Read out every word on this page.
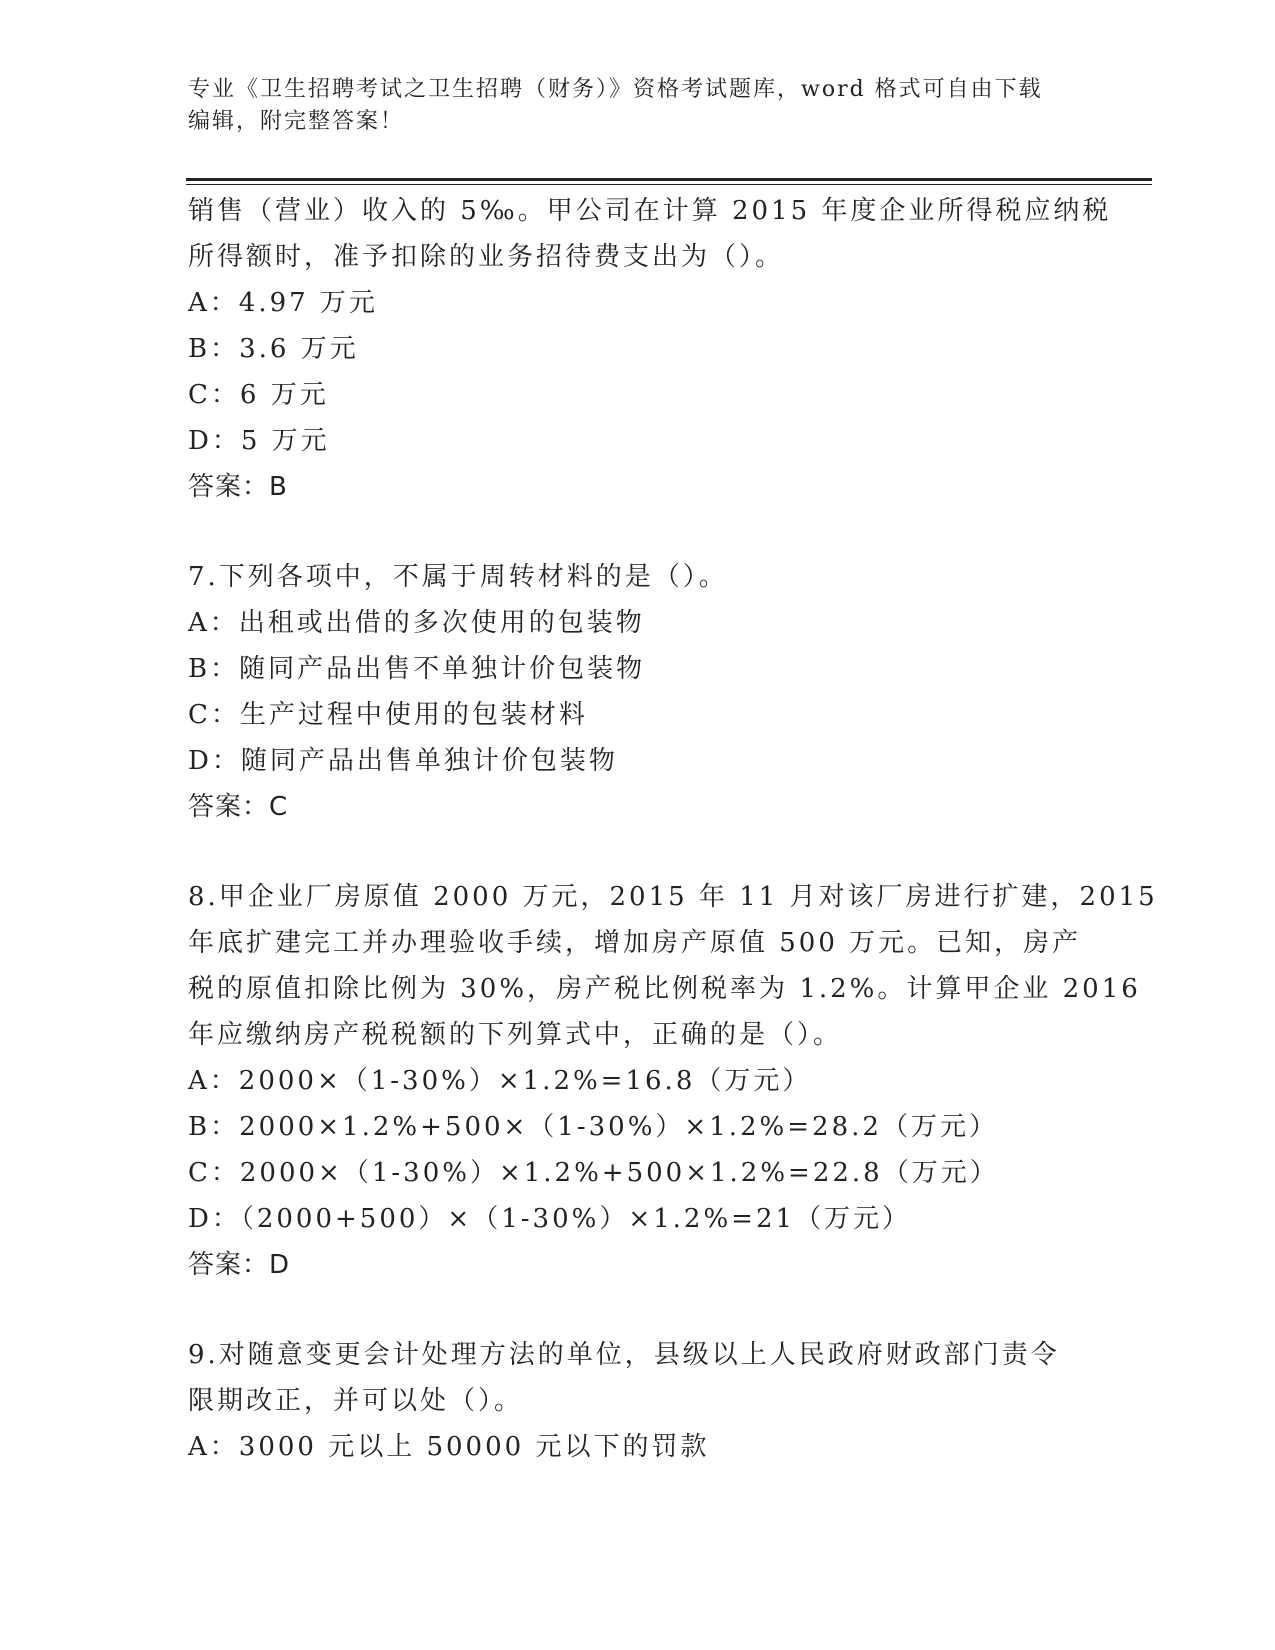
专业《卫生招聘考试之卫生招聘（财务）》资格考试题库，word 格式可自由下载
编辑，附完整答案！
销售（营业）收入的 5‰。甲公司在计算 2015 年度企业所得税应纳税
所得额时，准予扣除的业务招待费支出为（）。
A：4.97 万元
B：3.6 万元
C：6 万元
D：5 万元
答案：B
7.下列各项中，不属于周转材料的是（）。
A：出租或出借的多次使用的包装物
B：随同产品出售不单独计价包装物
C：生产过程中使用的包装材料
D：随同产品出售单独计价包装物
答案：C
8.甲企业厂房原值 2000 万元，2015 年 11 月对该厂房进行扩建，2015
年底扩建完工并办理验收手续，增加房产原值 500 万元。已知，房产
税的原值扣除比例为 30%，房产税比例税率为 1.2%。计算甲企业 2016
年应缴纳房产税税额的下列算式中，正确的是（）。
A：2000×（1-30%）×1.2%=16.8（万元）
B：2000×1.2%+500×（1-30%）×1.2%=28.2（万元）
C：2000×（1-30%）×1.2%+500×1.2%=22.8（万元）
D：（2000+500）×（1-30%）×1.2%=21（万元）
答案：D
9.对随意变更会计处理方法的单位，县级以上人民政府财政部门责令
限期改正，并可以处（）。
A：3000 元以上 50000 元以下的罚款
